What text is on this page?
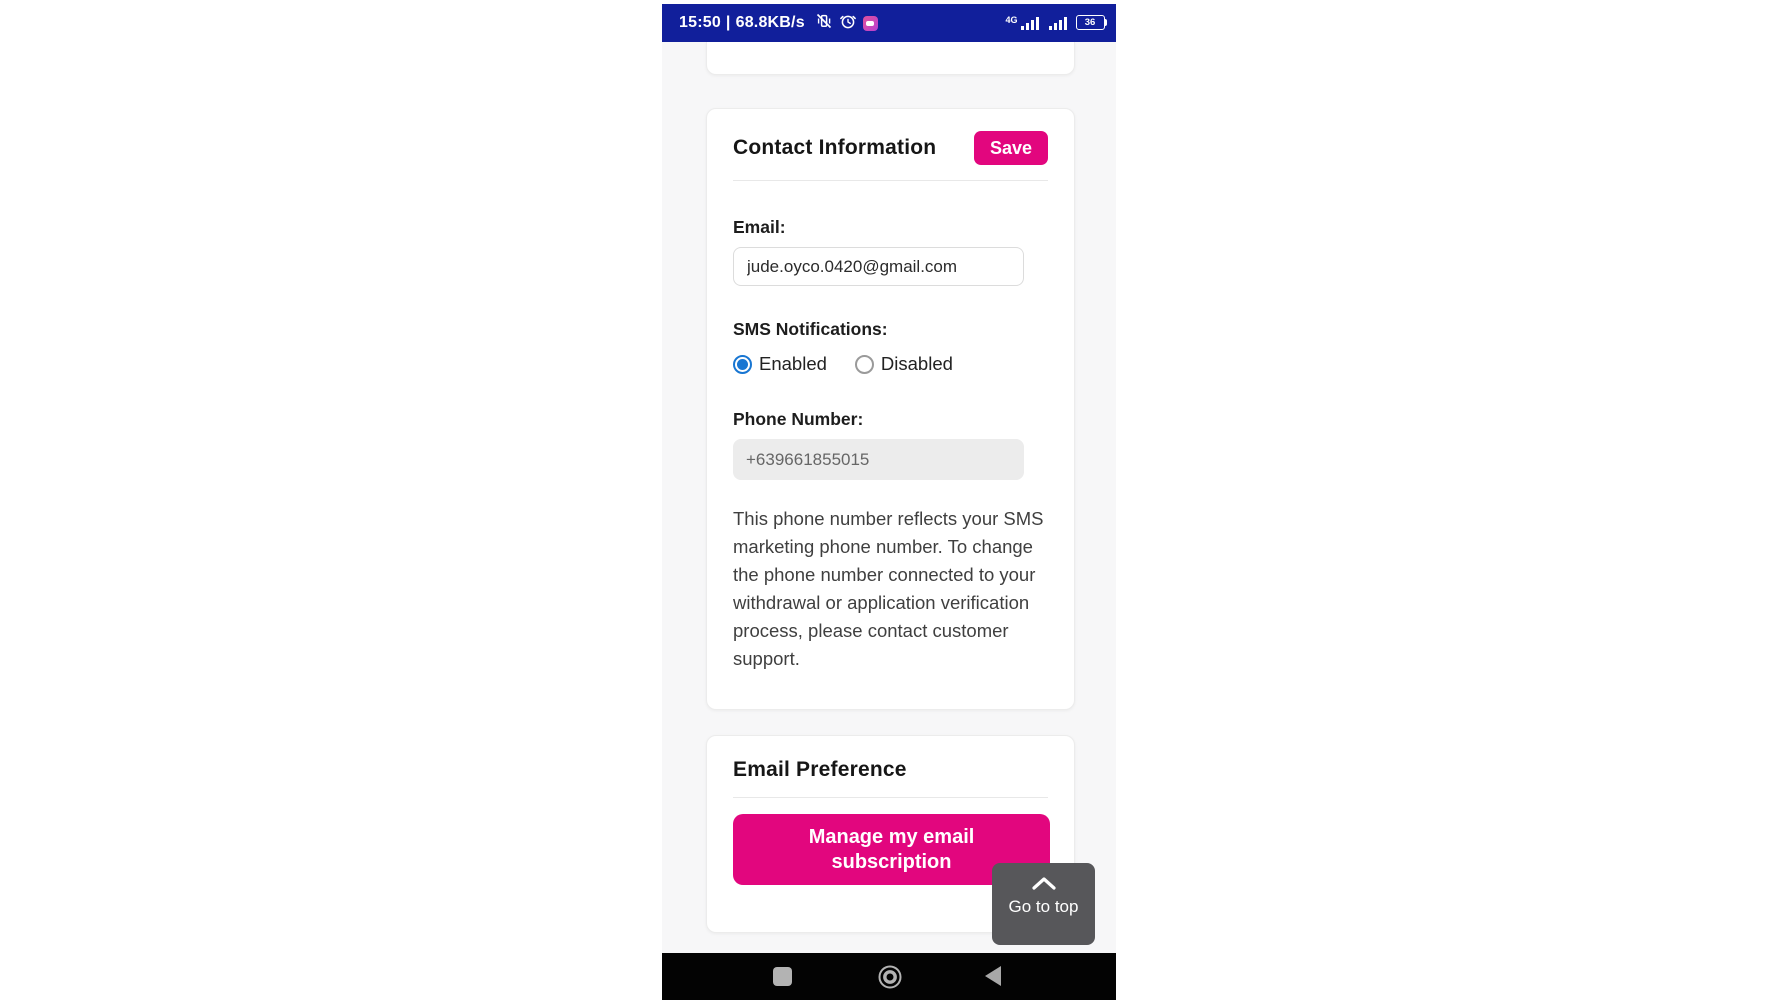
15:50 | 68.8KB/s	4G	36
Contact Information	Save
Email:
jude.oyco.0420@gmail.com
SMS Notifications:
Enabled	Disabled
Phone Number:
+639661855015
This phone number reflects your SMS marketing phone number. To change the phone number connected to your withdrawal or application verification process, please contact customer support.
Email Preference
Manage my email subscription
Go to top
